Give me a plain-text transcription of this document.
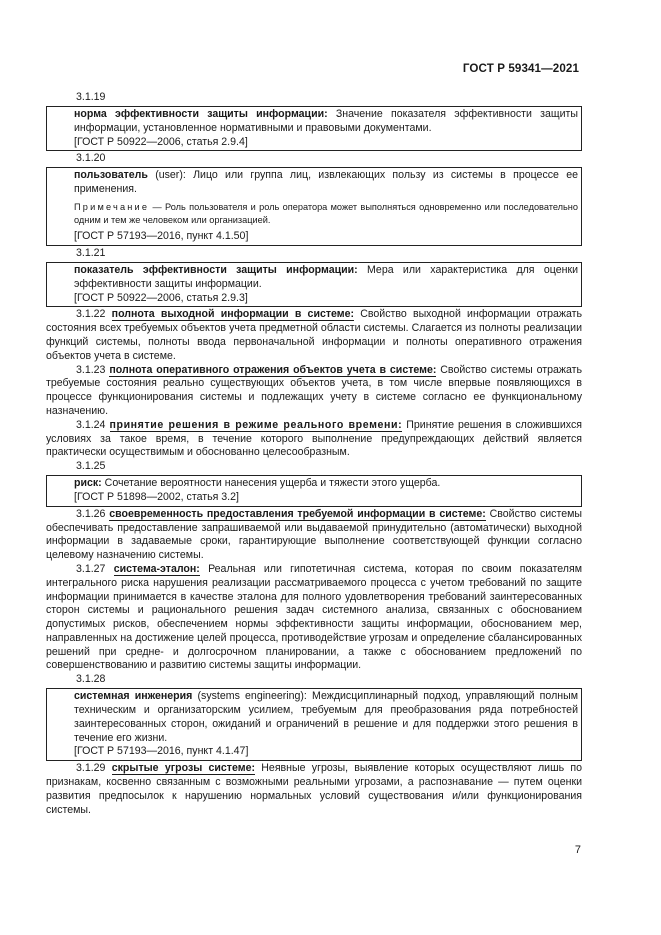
ГОСТ Р 59341—2021
3.1.19
норма эффективности защиты информации: Значение показателя эффективности защиты информации, установленное нормативными и правовыми документами.
[ГОСТ Р 50922—2006, статья 2.9.4]
3.1.20
пользователь (user): Лицо или группа лиц, извлекающих пользу из системы в процессе ее применения.
Примечание — Роль пользователя и роль оператора может выполняться одновременно или последовательно одним и тем же человеком или организацией.
[ГОСТ Р 57193—2016, пункт 4.1.50]
3.1.21
показатель эффективности защиты информации: Мера или характеристика для оценки эффективности защиты информации.
[ГОСТ Р 50922—2006, статья 2.9.3]
3.1.22 полнота выходной информации в системе: Свойство выходной информации отражать состояния всех требуемых объектов учета предметной области системы. Слагается из полноты реализации функций системы, полноты ввода первоначальной информации и полноты оперативного отражения объектов учета в системе.
3.1.23 полнота оперативного отражения объектов учета в системе: Свойство системы отражать требуемые состояния реально существующих объектов учета, в том числе впервые появляющихся в процессе функционирования системы и подлежащих учету в системе согласно ее функциональному назначению.
3.1.24 принятие решения в режиме реального времени: Принятие решения в сложившихся условиях за такое время, в течение которого выполнение предупреждающих действий является практически осуществимым и обоснованно целесообразным.
3.1.25
риск: Сочетание вероятности нанесения ущерба и тяжести этого ущерба.
[ГОСТ Р 51898—2002, статья 3.2]
3.1.26 своевременность предоставления требуемой информации в системе: Свойство системы обеспечивать предоставление запрашиваемой или выдаваемой принудительно (автоматически) выходной информации в задаваемые сроки, гарантирующие выполнение соответствующей функции согласно целевому назначению системы.
3.1.27 система-эталон: Реальная или гипотетичная система, которая по своим показателям интегрального риска нарушения реализации рассматриваемого процесса с учетом требований по защите информации принимается в качестве эталона для полного удовлетворения требований заинтересованных сторон системы и рационального решения задач системного анализа, связанных с обоснованием допустимых рисков, обеспечением нормы эффективности защиты информации, обоснованием мер, направленных на достижение целей процесса, противодействие угрозам и определение сбалансированных решений при средне- и долгосрочном планировании, а также с обоснованием предложений по совершенствованию и развитию системы защиты информации.
3.1.28
системная инженерия (systems engineering): Междисциплинарный подход, управляющий полным техническим и организаторским усилием, требуемым для преобразования ряда потребностей заинтересованных сторон, ожиданий и ограничений в решение и для поддержки этого решения в течение его жизни.
[ГОСТ Р 57193—2016, пункт 4.1.47]
3.1.29 скрытые угрозы системе: Неявные угрозы, выявление которых осуществляют лишь по признакам, косвенно связанным с возможными реальными угрозами, а распознавание — путем оценки развития предпосылок к нарушению нормальных условий существования и/или функционирования системы.
7
